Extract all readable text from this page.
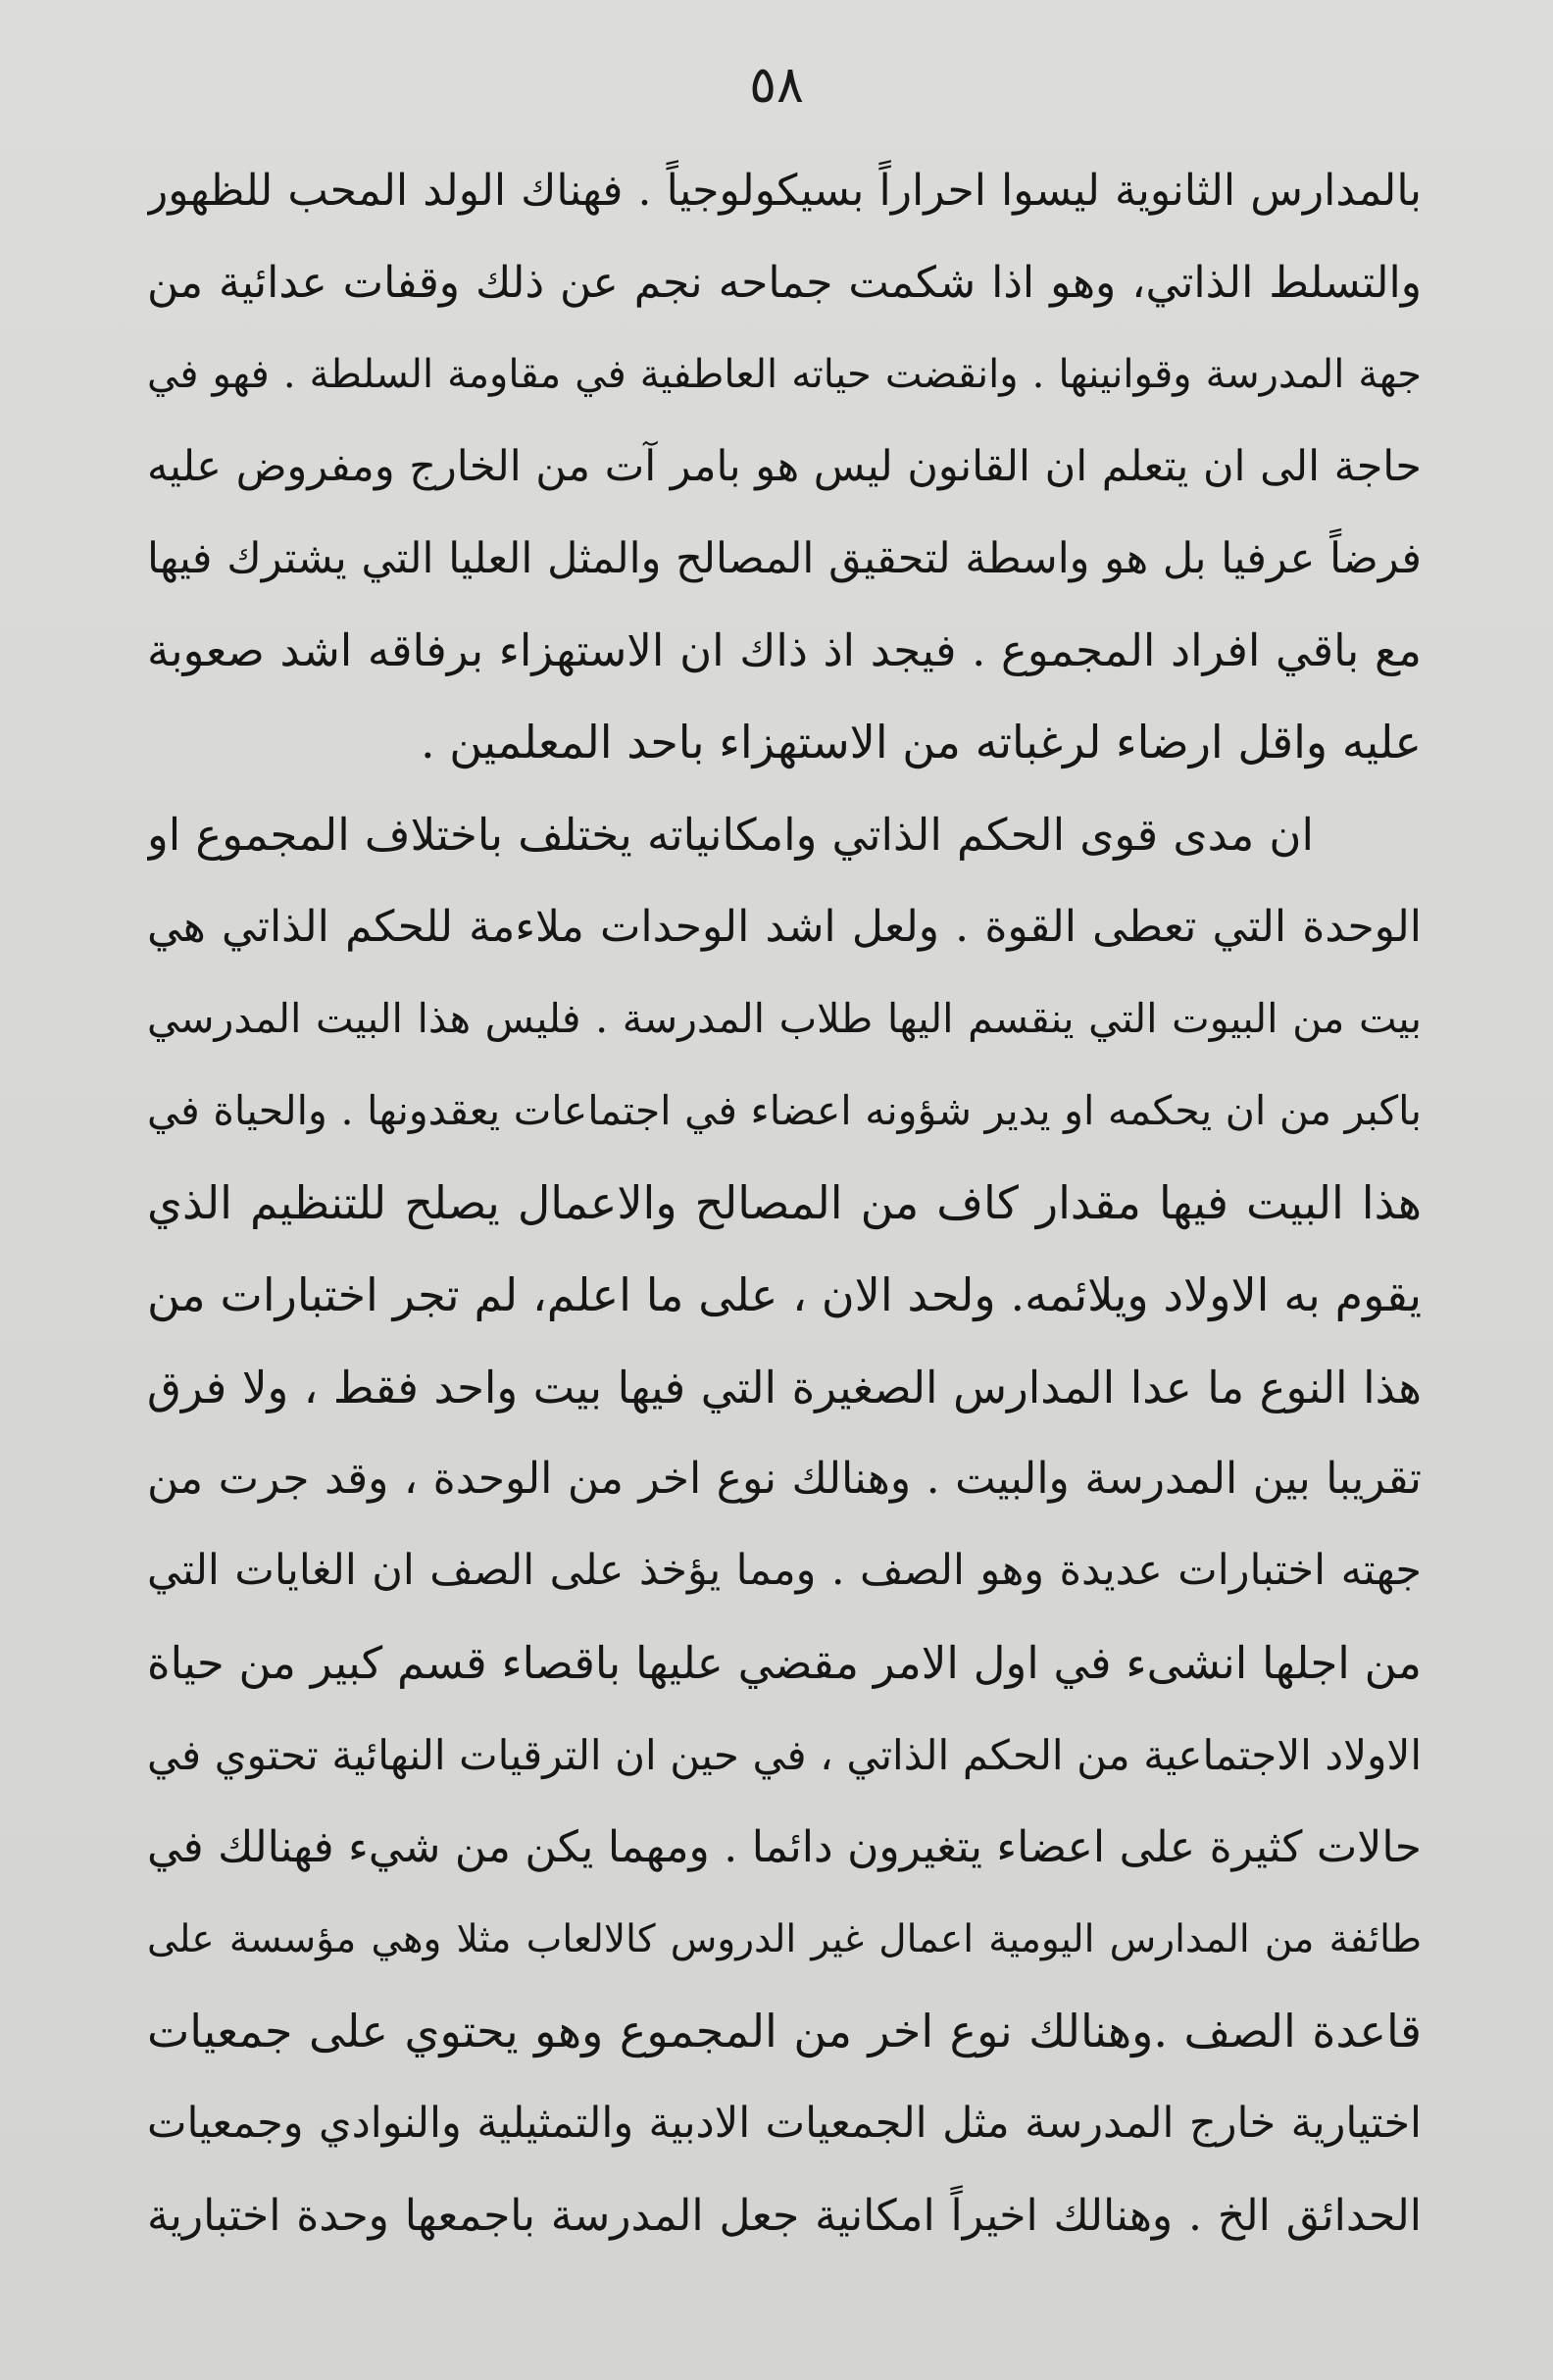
٥٨
بالمدارس الثانوية ليسوا احراراً بسيكولوجياً . فهناك الولد المحب للظهور
والتسلط الذاتي، وهو اذا شكمت جماحه نجم عن ذلك وقفات عدائية من
جهة المدرسة وقوانينها . وانقضت حياته العاطفية في مقاومة السلطة . فهو في
حاجة الى ان يتعلم ان القانون ليس هو بامر آت من الخارج ومفروض عليه
فرضاً عرفيا بل هو واسطة لتحقيق المصالح والمثل العليا التي يشترك فيها
مع باقي افراد المجموع . فيجد اذ ذاك ان الاستهزاء برفاقه اشد صعوبة
عليه واقل ارضاء لرغباته من الاستهزاء باحد المعلمين .
ان مدى قوى الحكم الذاتي وامكانياته يختلف باختلاف المجموع او
الوحدة التي تعطى القوة . ولعل اشد الوحدات ملاءمة للحكم الذاتي هي
بيت من البيوت التي ينقسم اليها طلاب المدرسة . فليس هذا البيت المدرسي
باكبر من ان يحكمه او يدير شؤونه اعضاء في اجتماعات يعقدونها . والحياة في
هذا البيت فيها مقدار كاف من المصالح والاعمال يصلح للتنظيم الذي
يقوم به الاولاد ويلائمه. ولحد الان ، على ما اعلم، لم تجر اختبارات من
هذا النوع ما عدا المدارس الصغيرة التي فيها بيت واحد فقط ، ولا فرق
تقريبا بين المدرسة والبيت . وهنالك نوع اخر من الوحدة ، وقد جرت من
جهته اختبارات عديدة وهو الصف . ومما يؤخذ على الصف ان الغايات التي
من اجلها انشىء في اول الامر مقضي عليها باقصاء قسم كبير من حياة
الاولاد الاجتماعية من الحكم الذاتي ، في حين ان الترقيات النهائية تحتوي في
حالات كثيرة على اعضاء يتغيرون دائما . ومهما يكن من شيء فهنالك في
طائفة من المدارس اليومية اعمال غير الدروس كالالعاب مثلا وهي مؤسسة على
قاعدة الصف .وهنالك نوع اخر من المجموع وهو يحتوي على جمعيات
اختيارية خارج المدرسة مثل الجمعيات الادبية والتمثيلية والنوادي وجمعيات
الحدائق الخ . وهنالك اخيراً امكانية جعل المدرسة باجمعها وحدة اختبارية
